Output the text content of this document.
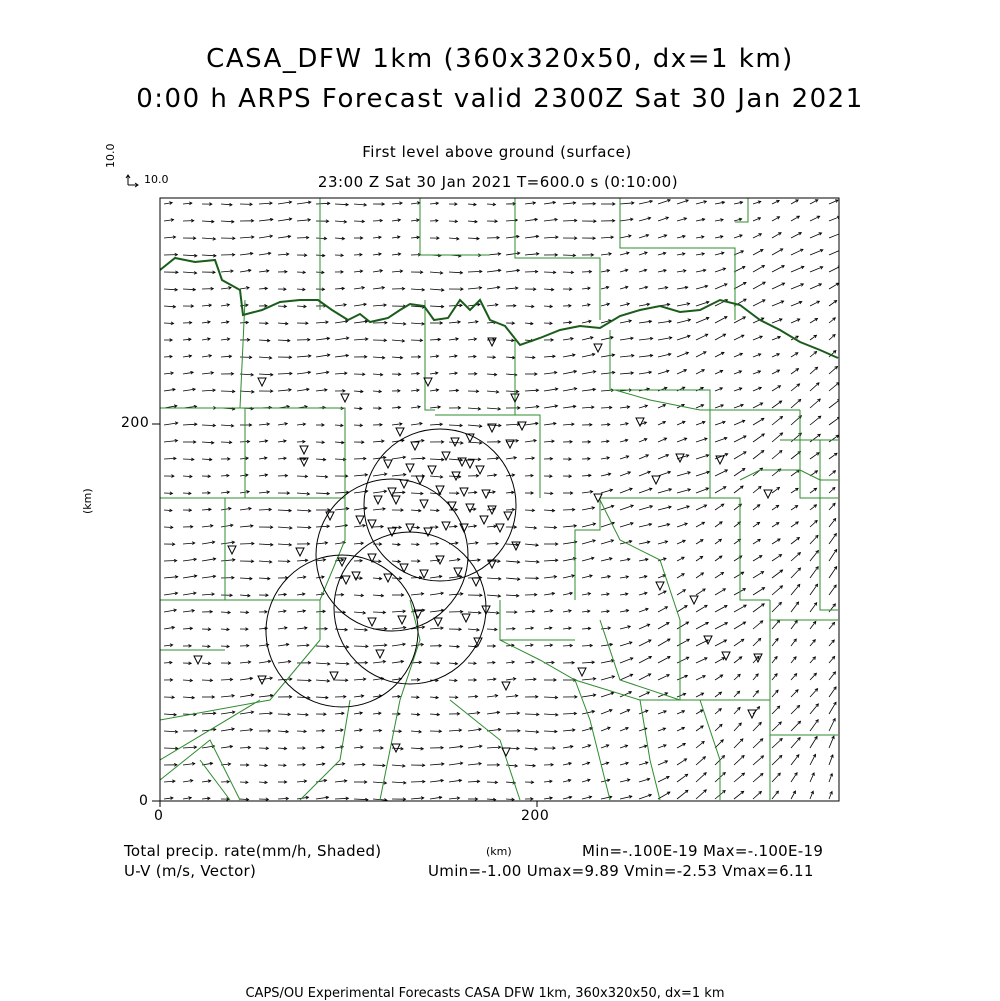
CASA_DFW 1km (360x320x50, dx=1 km)
0:00 h ARPS Forecast valid 2300Z Sat 30 Jan 2021
First level above ground (surface)
23:00 Z Sat 30 Jan 2021 T=600.0 s (0:10:00)
10.0
10.0
(km)
200
0
0	200
(km)
Total precip. rate(mm/h, Shaded)	Min=-.100E-19 Max=-.100E-19
U-V (m/s, Vector)	Umin=-1.00 Umax=9.89 Vmin=-2.53 Vmax=6.11
CAPS/OU Experimental Forecasts CASA DFW 1km, 360x320x50, dx=1 km
